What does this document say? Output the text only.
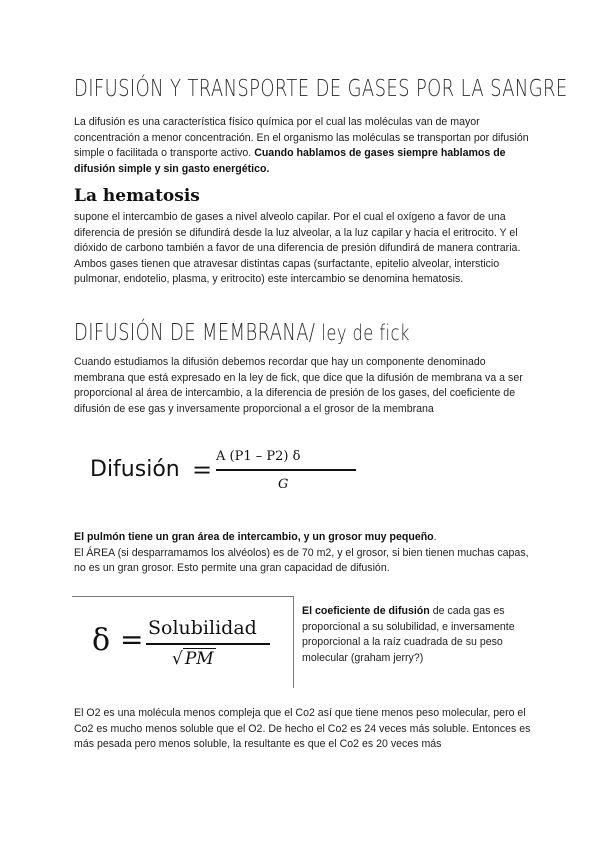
DIFUSIÓN Y TRANSPORTE DE GASES POR LA SANGRE

La difusión es una característica físico química por el cual las moléculas van de mayor concentración a menor concentración. En el organismo las moléculas se transportan por difusión simple o facilitada o transporte activo. Cuando hablamos de gases siempre hablamos de difusión simple y sin gasto energético.

La hematosis

supone el intercambio de gases a nivel alveolo capilar. Por el cual el oxígeno a favor de una diferencia de presión se difundirá desde la luz alveolar, a la luz capilar y hacia el eritrocito. Y el dióxido de carbono también a favor de una diferencia de presión difundirá de manera contraria. Ambos gases tienen que atravesar distintas capas (surfactante, epitelio alveolar, intersticio pulmonar, endotelio, plasma, y eritrocito) este intercambio se denomina hematosis.

DIFUSIÓN DE MEMBRANA/ ley de fick

Cuando estudiamos la difusión debemos recordar que hay un componente denominado membrana que está expresado en la ley de fick, que dice que la difusión de membrana va a ser proporcional al área de intercambio, a la diferencia de presión de los gases, del coeficiente de difusión de ese gas y inversamente proporcional a el grosor de la membrana

Difusión = A (P1 – P2) δ
G

El pulmón tiene un gran área de intercambio, y un grosor muy pequeño.
El ÁREA (si desparramamos los alvéolos) es de 70 m2, y el grosor, si bien tienen muchas capas, no es un gran grosor. Esto permite una gran capacidad de difusión.

δ = Solubilidad
√ PM

El coeficiente de difusión de cada gas es proporcional a su solubilidad, e inversamente proporcional a la raíz cuadrada de su peso molecular (graham jerry?)

El O2 es una molécula menos compleja que el Co2 así que tiene menos peso molecular, pero el Co2 es mucho menos soluble que el O2. De hecho el Co2 es 24 veces más soluble. Entonces es más pesada pero menos soluble, la resultante es que el Co2 es 20 veces más
